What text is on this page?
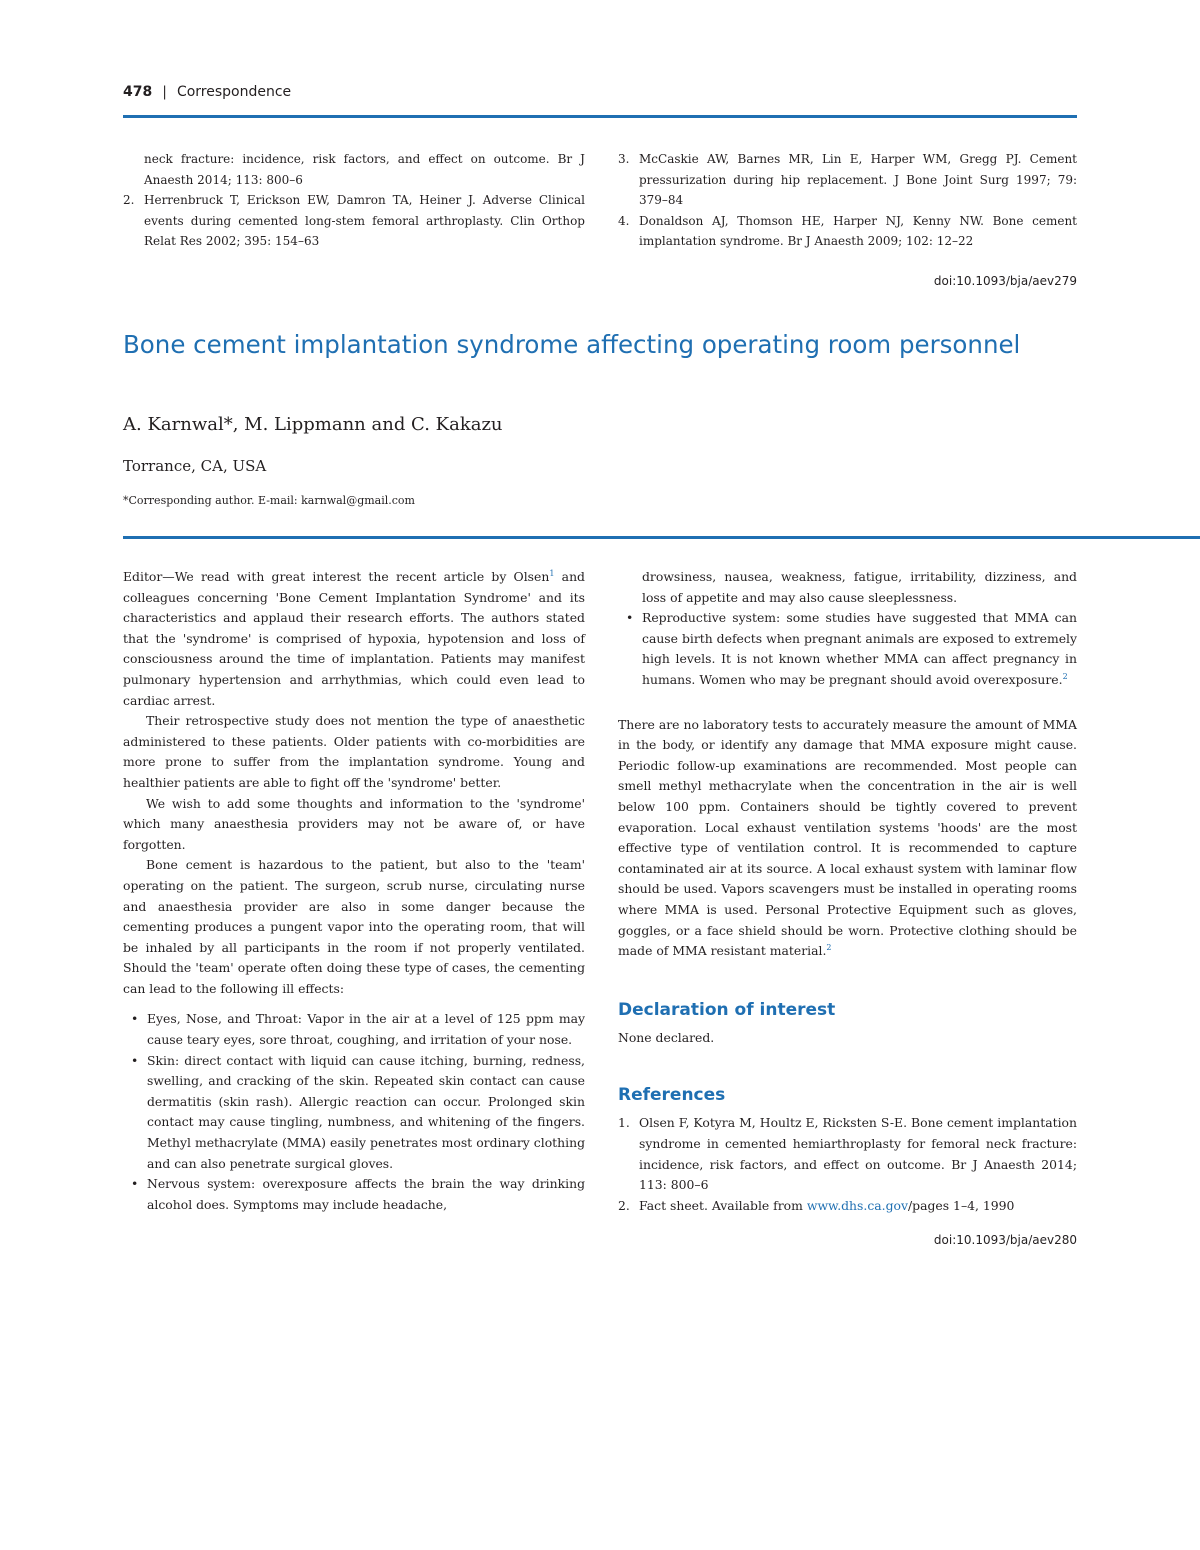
478 | Correspondence
neck fracture: incidence, risk factors, and effect on outcome. Br J Anaesth 2014; 113: 800–6
2. Herrenbruck T, Erickson EW, Damron TA, Heiner J. Adverse Clinical events during cemented long-stem femoral arthroplasty. Clin Orthop Relat Res 2002; 395: 154–63
3. McCaskie AW, Barnes MR, Lin E, Harper WM, Gregg PJ. Cement pressurization during hip replacement. J Bone Joint Surg 1997; 79: 379–84
4. Donaldson AJ, Thomson HE, Harper NJ, Kenny NW. Bone cement implantation syndrome. Br J Anaesth 2009; 102: 12–22
doi:10.1093/bja/aev279
Bone cement implantation syndrome affecting operating room personnel
A. Karnwal*, M. Lippmann and C. Kakazu
Torrance, CA, USA
*Corresponding author. E-mail: karnwal@gmail.com

Editor—We read with great interest the recent article by Olsen$^1$ and colleagues concerning 'Bone Cement Implantation Syndrome' and its characteristics and applaud their research efforts. The authors stated that the 'syndrome' is comprised of hypoxia, hypotension and loss of consciousness around the time of implantation. Patients may manifest pulmonary hypertension and arrhythmias, which could even lead to cardiac arrest.

Their retrospective study does not mention the type of anaesthetic administered to these patients. Older patients with co-morbidities are more prone to suffer from the implantation syndrome. Young and healthier patients are able to fight off the 'syndrome' better.

We wish to add some thoughts and information to the 'syndrome' which many anaesthesia providers may not be aware of, or have forgotten.

Bone cement is hazardous to the patient, but also to the 'team' operating on the patient. The surgeon, scrub nurse, circulating nurse and anaesthesia provider are also in some danger because the cementing produces a pungent vapor into the operating room, that will be inhaled by all participants in the room if not properly ventilated. Should the 'team' operate often doing these type of cases, the cementing can lead to the following ill effects:

• Eyes, Nose, and Throat: Vapor in the air at a level of 125 ppm may cause teary eyes, sore throat, coughing, and irritation of your nose.
• Skin: direct contact with liquid can cause itching, burning, redness, swelling, and cracking of the skin. Repeated skin contact can cause dermatitis (skin rash). Allergic reaction can occur. Prolonged skin contact may cause tingling, numbness, and whitening of the fingers. Methyl methacrylate (MMA) easily penetrates most ordinary clothing and can also penetrate surgical gloves.
• Nervous system: overexposure affects the brain the way drinking alcohol does. Symptoms may include headache,

drowsiness, nausea, weakness, fatigue, irritability, dizziness, and loss of appetite and may also cause sleeplessness.

• Reproductive system: some studies have suggested that MMA can cause birth defects when pregnant animals are exposed to extremely high levels. It is not known whether MMA can affect pregnancy in humans. Women who may be pregnant should avoid overexposure.$^2$

There are no laboratory tests to accurately measure the amount of MMA in the body, or identify any damage that MMA exposure might cause. Periodic follow-up examinations are recommended. Most people can smell methyl methacrylate when the concentration in the air is well below 100 ppm. Containers should be tightly covered to prevent evaporation. Local exhaust ventilation systems 'hoods' are the most effective type of ventilation control. It is recommended to capture contaminated air at its source. A local exhaust system with laminar flow should be used. Vapors scavengers must be installed in operating rooms where MMA is used. Personal Protective Equipment such as gloves, goggles, or a face shield should be worn. Protective clothing should be made of MMA resistant material.$^2$

Declaration of interest

None declared.

References
1. Olsen F, Kotyra M, Houltz E, Ricksten S-E. Bone cement implantation syndrome in cemented hemiarthroplasty for femoral neck fracture: incidence, risk factors, and effect on outcome. Br J Anaesth 2014; 113: 800–6
2. Fact sheet. Available from www.dhs.ca.gov/pages 1–4, 1990
doi:10.1093/bja/aev280
